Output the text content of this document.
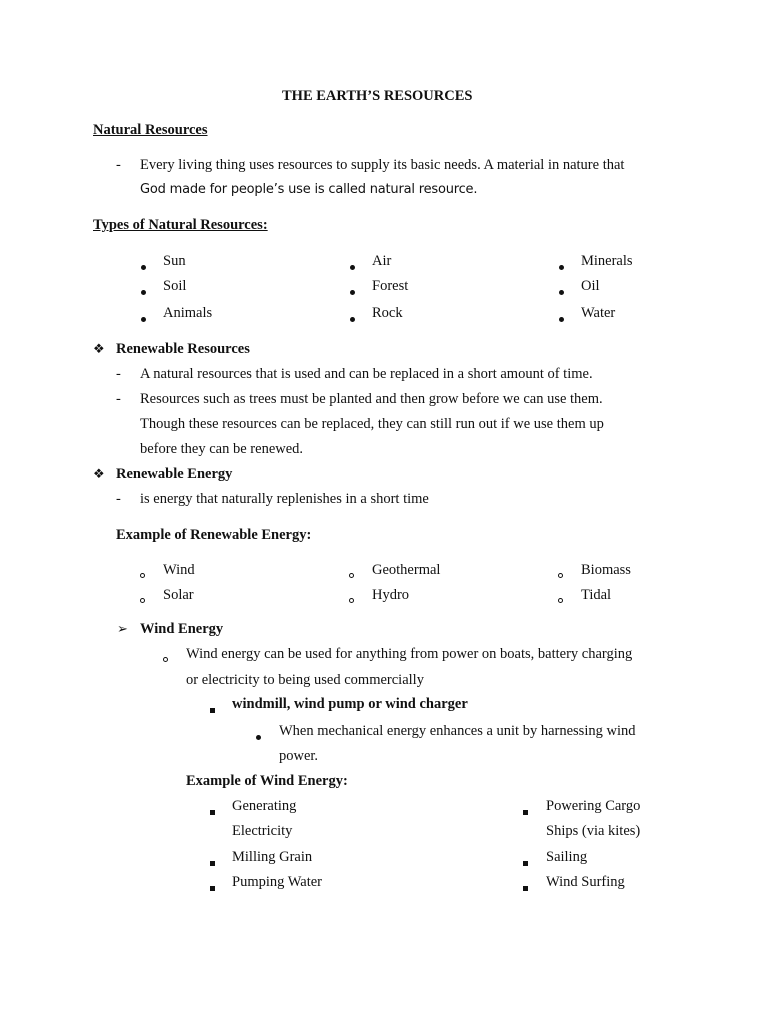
THE EARTH’S RESOURCES
Natural Resources
- Every living thing uses resources to supply its basic needs. A material in nature that
God made for people’s use is called natural resource.
Types of Natural Resources:
Sun
Soil
Animals
Air
Forest
Rock
Minerals
Oil
Water
❖ Renewable Resources
- A natural resources that is used and can be replaced in a short amount of time.
- Resources such as trees must be planted and then grow before we can use them.
Though these resources can be replaced, they can still run out if we use them up
before they can be renewed.
❖ Renewable Energy
- is energy that naturally replenishes in a short time
Example of Renewable Energy:
Wind
Solar
Geothermal
Hydro
Biomass
Tidal
➢ Wind Energy
Wind energy can be used for anything from power on boats, battery charging
or electricity to being used commercially
windmill, wind pump or wind charger
When mechanical energy enhances a unit by harnessing wind
power.
Example of Wind Energy:
Generating
Electricity
Milling Grain
Pumping Water
Powering Cargo
Ships (via kites)
Sailing
Wind Surfing
